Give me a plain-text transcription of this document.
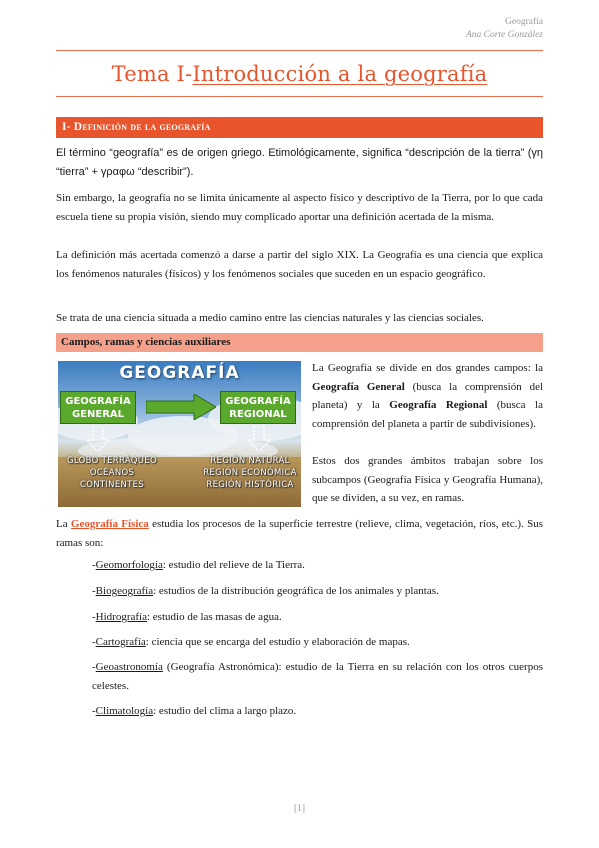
Geografía
Ana Corte González
Tema I-Introducción a la geografía
I- Definición de la geografía

El término “geografía” es de origen griego. Etimológicamente, significa “descripción de la tierra” (γη “tierra” + γραφω “describir”).

Sin embargo, la geografía no se limita únicamente al aspecto físico y descriptivo de la Tierra, por lo que cada escuela tiene su propia visión, siendo muy complicado aportar una definición acertada de la misma.

La definición más acertada comenzó a darse a partir del siglo XIX. La Geografía es una ciencia que explica los fenómenos naturales (físicos) y los fenómenos sociales que suceden en un espacio geográfico.

Se trata de una ciencia situada a medio camino entre las ciencias naturales y las ciencias sociales.

Campos, ramas y ciencias auxiliares
GEOGRAFÍA
GEOGRAFÍA GENERAL
GEOGRAFÍA REGIONAL
GLOBO TERRÁQUEO
OCÉANOS
CONTINENTES
REGIÓN NATURAL
REGIÓN ECONÓMICA
REGIÓN HISTÓRICA

La Geografía se divide en dos grandes campos: la Geografía General (busca la comprensión del planeta) y la Geografía Regional (busca la comprensión del planeta a partir de subdivisiones).

Estos dos grandes ámbitos trabajan sobre los subcampos (Geografía Física y Geografía Humana), que se dividen, a su vez, en ramas.

La Geografía Física estudia los procesos de la superficie terrestre (relieve, clima, vegetación, ríos, etc.). Sus ramas son:

-Geomorfología: estudio del relieve de la Tierra.

-Biogeografía: estudios de la distribución geográfica de los animales y plantas.

-Hidrografía: estudio de las masas de agua.

-Cartografía: ciencia que se encarga del estudio y elaboración de mapas.

-Geoastronomía (Geografía Astronómica): estudio de la Tierra en su relación con los otros cuerpos celestes.

-Climatología: estudio del clima a largo plazo.

[1]
